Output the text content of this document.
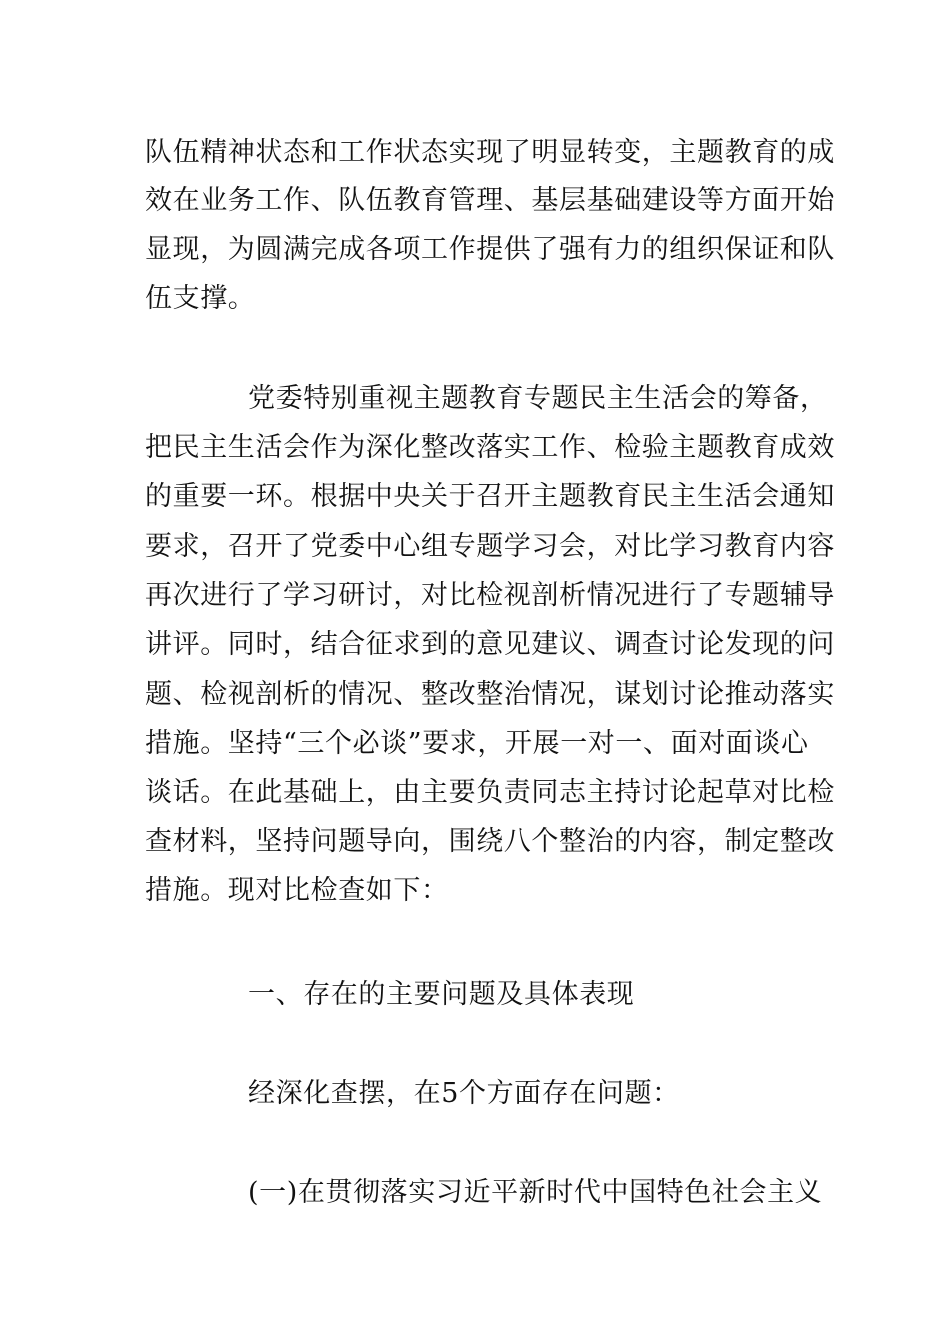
队伍精神状态和工作状态实现了明显转变，主题教育的成
效在业务工作、队伍教育管理、基层基础建设等方面开始
显现，为圆满完成各项工作提供了强有力的组织保证和队
伍支撑。
党委特别重视主题教育专题民主生活会的筹备，
把民主生活会作为深化整改落实工作、检验主题教育成效
的重要一环。根据中央关于召开主题教育民主生活会通知
要求，召开了党委中心组专题学习会，对比学习教育内容
再次进行了学习研讨，对比检视剖析情况进行了专题辅导
讲评。同时，结合征求到的意见建议、调查讨论发现的问
题、检视剖析的情况、整改整治情况，谋划讨论推动落实
措施。坚持“三个必谈”要求，开展一对一、面对面谈心
谈话。在此基础上，由主要负责同志主持讨论起草对比检
查材料，坚持问题导向，围绕八个整治的内容，制定整改
措施。现对比检查如下：
一、存在的主要问题及具体表现
经深化查摆，在5个方面存在问题：
(一)在贯彻落实习近平新时代中国特色社会主义
